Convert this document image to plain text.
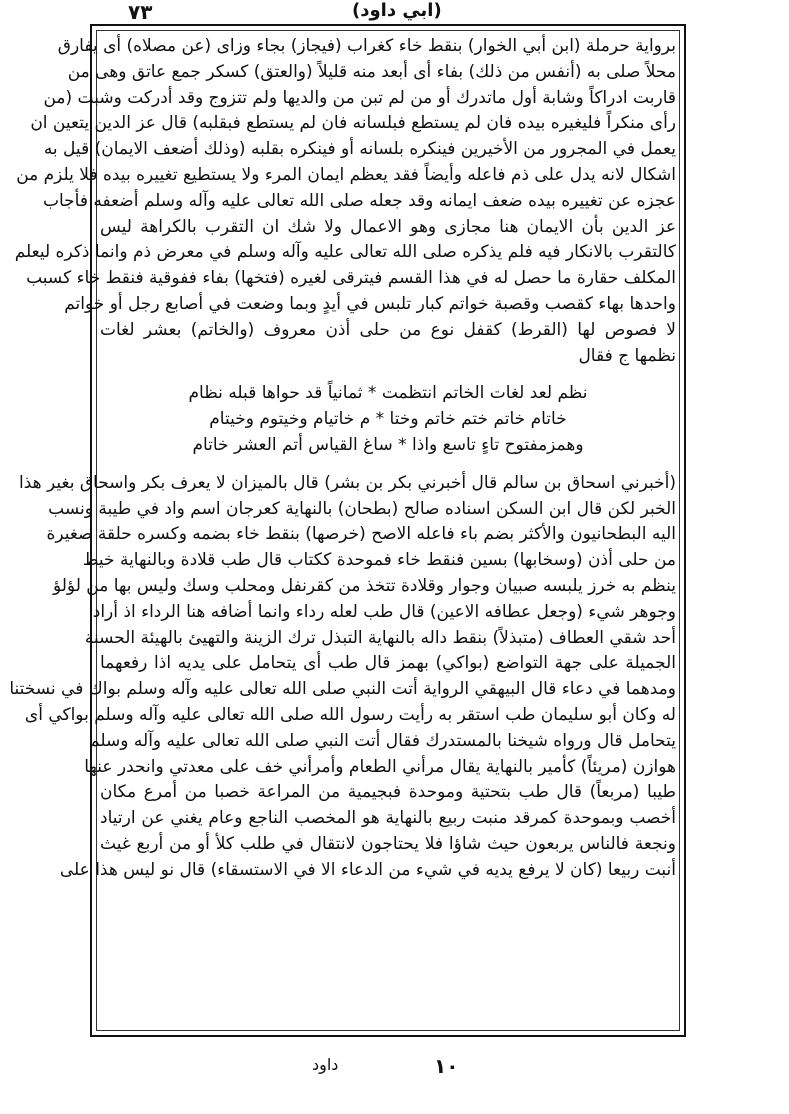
٧٣	(ابي داود)
برواية حرملة (ابن أبي الخوار) بنقط خاء كغراب (فيجاز) بجاء وزاى (عن مصلاه) أى يفارق
محلاً صلى به (أنفس من ذلك) بفاء أى أبعد منه قليلاً (والعتق) كسكر جمع عاتق وهى من
قاربت ادراكاً وشابة أول ماتدرك أو من لم تبن من والديها ولم تتزوج وقد أدركت وشبت (من
رأى منكراً فليغيره بيده فان لم يستطع فبلسانه فان لم يستطع فبقلبه) قال عز الدين يتعين ان
يعمل في المجرور من الأخيرين فينكره بلسانه أو فينكره بقلبه (وذلك أضعف الايمان) قيل به
اشكال لانه يدل على ذم فاعله وأيضاً فقد يعظم ايمان المرء ولا يستطيع تغييره بيده فلا يلزم من
عجزه عن تغييره بيده ضعف ايمانه وقد جعله صلى الله تعالى عليه وآله وسلم أضعفه فأجاب
عز الدين بأن الايمان هنا مجازى وهو الاعمال ولا شك ان التقرب بالكراهة ليس
كالتقرب بالانكار فيه فلم يذكره صلى الله تعالى عليه وآله وسلم في معرض ذم وانما ذكره ليعلم
المكلف حقارة ما حصل له في هذا القسم فيترقى لغيره (فتخها) بفاء ففوقية فنقط خاء كسبب
واحدها بهاء كقصب وقصبة خواتم كبار تلبس في أيدٍ وبما وضعت في أصابع رجل أو خواتم
لا فصوص لها (القرط) كقفل نوع من حلى أذن معروف (والخاتم) بعشر لغات
نظمها ج فقال
نظم لعد لغات الخاتم انتظمت * ثمانياً قد حواها قبله نظام
خاتام خاتم ختم خاتم وختا * م خاتيام وخيتوم وخيتام
وهمزمفتوح تاءٍ تاسع واذا * ساغ القياس أتم العشر خاتام
(أخبرني اسحاق بن سالم قال أخبرني بكر بن بشر) قال بالميزان لا يعرف بكر واسحاق بغير هذا
الخبر لكن قال ابن السكن اسناده صالح (بطحان) بالنهاية كعرجان اسم واد في طيبة ونسب
اليه البطحانيون والأكثر بضم باء فاعله الاصح (خرصها) بنقط خاء بضمه وكسره حلقة صغيرة
من حلى أذن (وسخابها) بسين فنقط خاء فموحدة ككتاب قال طب قلادة وبالنهاية خيط
ينظم به خرز يلبسه صبيان وجوار وقلادة تتخذ من كقرنفل ومحلب وسك وليس بها من لؤلؤ
وجوهر شيء (وجعل عطافه الاعين) قال طب لعله رداء وانما أضافه هنا الرداء اذ أراد
أحد شقي العطاف (متبذلاً) بنقط داله بالنهاية التبذل ترك الزينة والتهيئ بالهيئة الحسنة
الجميلة على جهة التواضع (بواكي) بهمز قال طب أى يتحامل على يديه اذا رفعهما
ومدهما في دعاء قال البيهقي الرواية أتت النبي صلى الله تعالى عليه وآله وسلم بواك في نسختنا
له وكان أبو سليمان طب استقر به رأيت رسول الله صلى الله تعالى عليه وآله وسلم بواكي أى
يتحامل قال ورواه شيخنا بالمستدرك فقال أتت النبي صلى الله تعالى عليه وآله وسلم
هوازن (مريئاً) كأمير بالنهاية يقال مرأني الطعام وأمرأني خف على معدتي وانحدر عنها
طيبا (مربعاً) قال طب بتحتية وموحدة فبجيمية من المراعة خصبا من أمرع مكان
أخصب وبموحدة كمرقد منبت ربيع بالنهاية هو المخصب الناجع وعام يغني عن ارتياد
ونجعة فالناس يربعون حيث شاؤا فلا يحتاجون لانتقال في طلب كلأ أو من أربع غيث
أنبت ربيعا (كان لا يرفع يديه في شيء من الدعاء الا في الاستسقاء) قال نو ليس هذا على
داود	١٠
